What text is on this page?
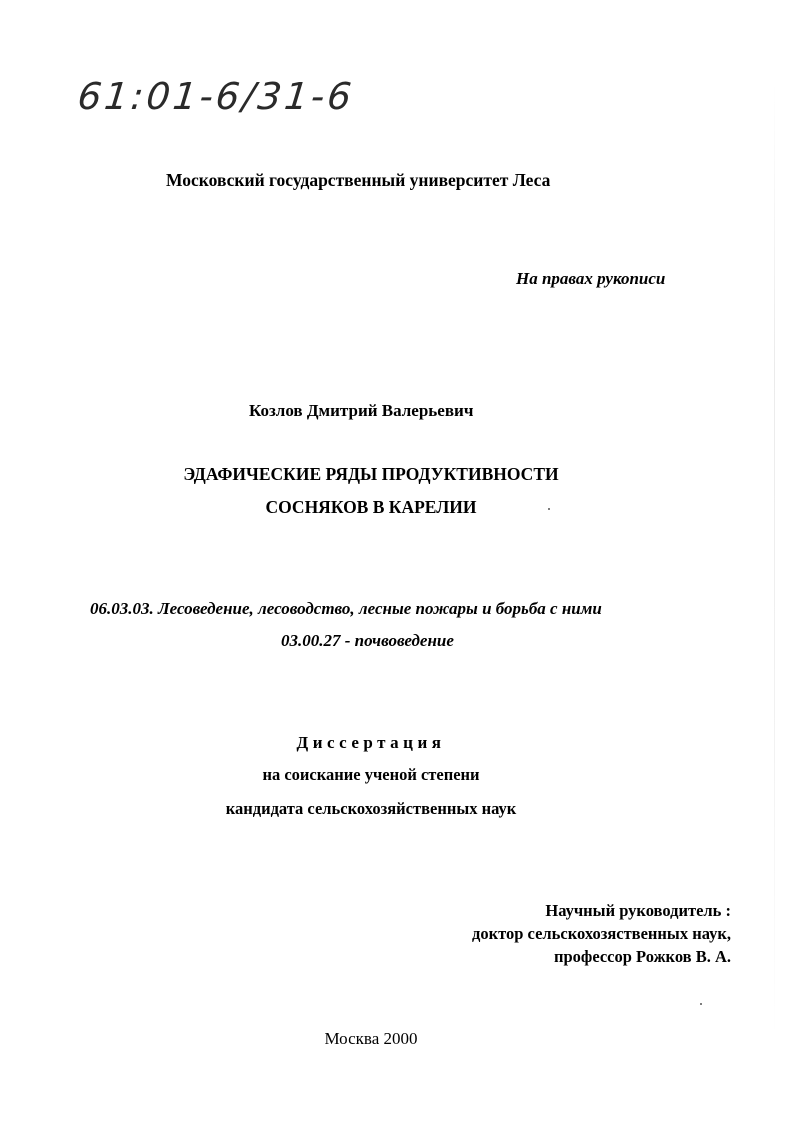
61:01-6/31-6
Московский государственный университет Леса
На правах рукописи
Козлов Дмитрий Валерьевич
ЭДАФИЧЕСКИЕ РЯДЫ ПРОДУКТИВНОСТИ
СОСНЯКОВ В КАРЕЛИИ
06.03.03. Лесоведение, лесоводство, лесные пожары и борьба с ними
03.00.27 - почвоведение
Диссертация
на соискание ученой степени
кандидата сельскохозяйственных наук
Научный руководитель :
доктор сельскохозяственных наук,
профессор Рожков В. А.
Москва 2000
